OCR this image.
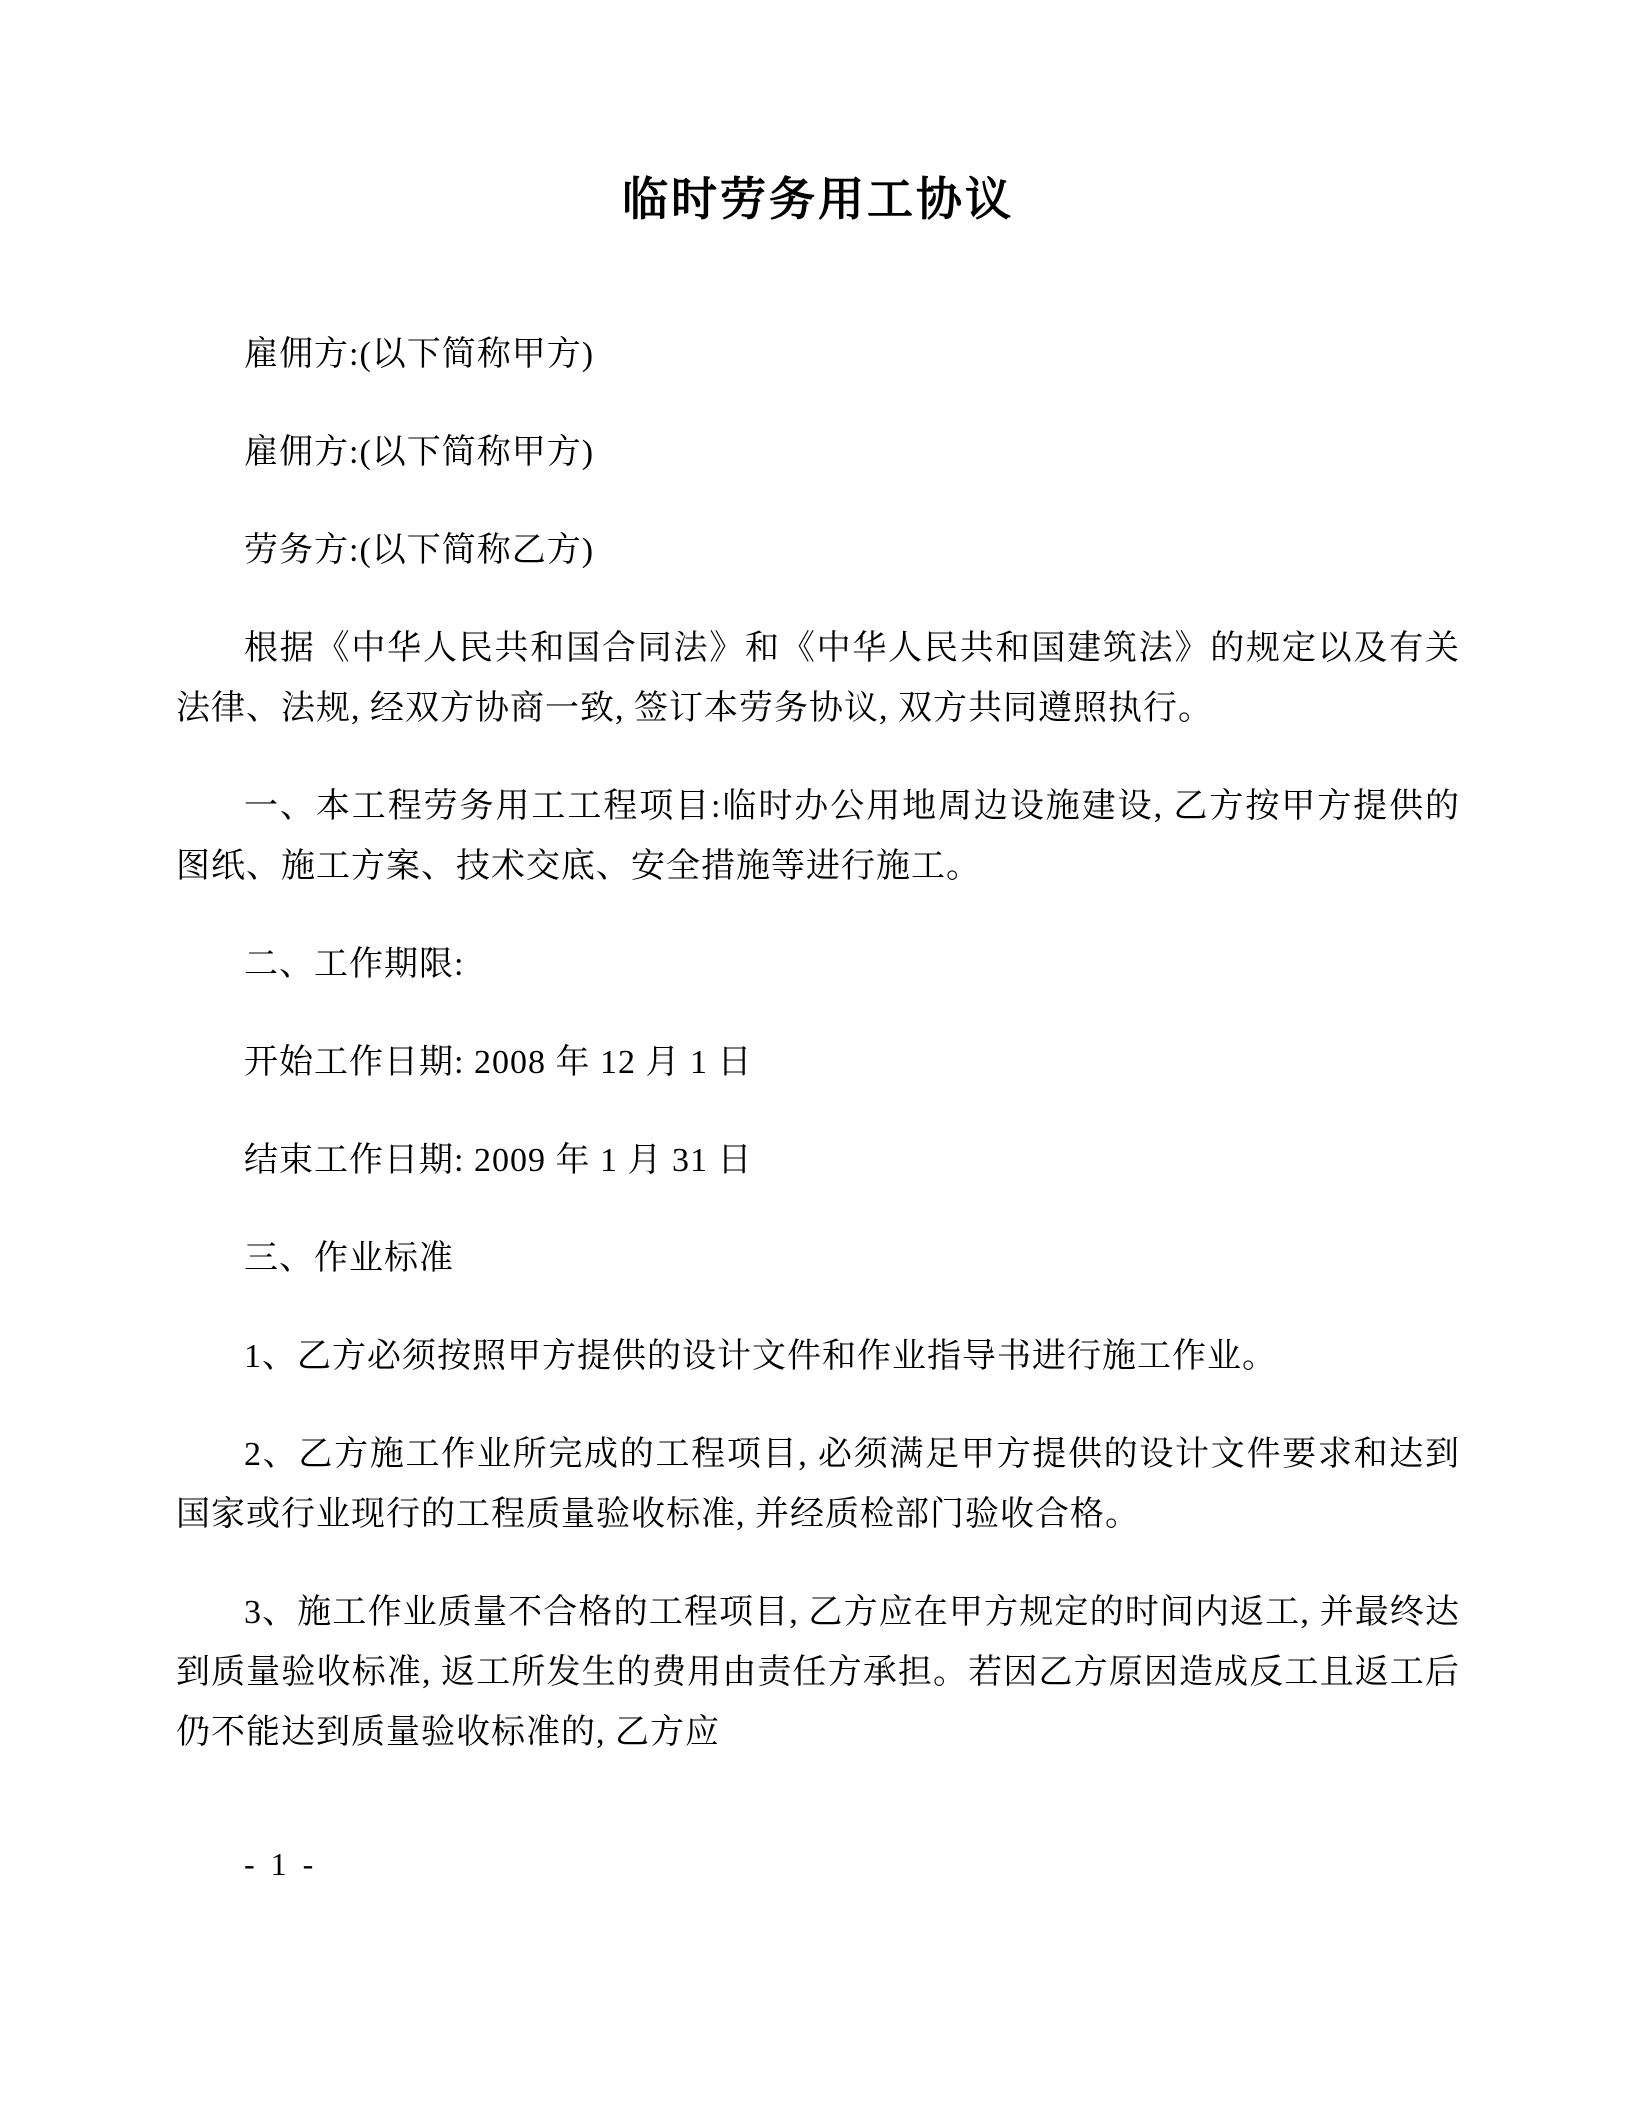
临时劳务用工协议

雇佣方:(以下简称甲方)

雇佣方:(以下简称甲方)

劳务方:(以下简称乙方)

根据《中华人民共和国合同法》和《中华人民共和国建筑法》的规定以及有关法律、法规, 经双方协商一致, 签订本劳务协议, 双方共同遵照执行。

一、本工程劳务用工工程项目:临时办公用地周边设施建设, 乙方按甲方提供的图纸、施工方案、技术交底、安全措施等进行施工。

二、工作期限:

开始工作日期: 2008 年 12 月 1 日

结束工作日期: 2009 年 1 月 31 日

三、作业标准

1、乙方必须按照甲方提供的设计文件和作业指导书进行施工作业。

2、乙方施工作业所完成的工程项目, 必须满足甲方提供的设计文件要求和达到国家或行业现行的工程质量验收标准, 并经质检部门验收合格。

3、施工作业质量不合格的工程项目, 乙方应在甲方规定的时间内返工, 并最终达到质量验收标准, 返工所发生的费用由责任方承担。若因乙方原因造成反工且返工后仍不能达到质量验收标准的, 乙方应

- 1 -
